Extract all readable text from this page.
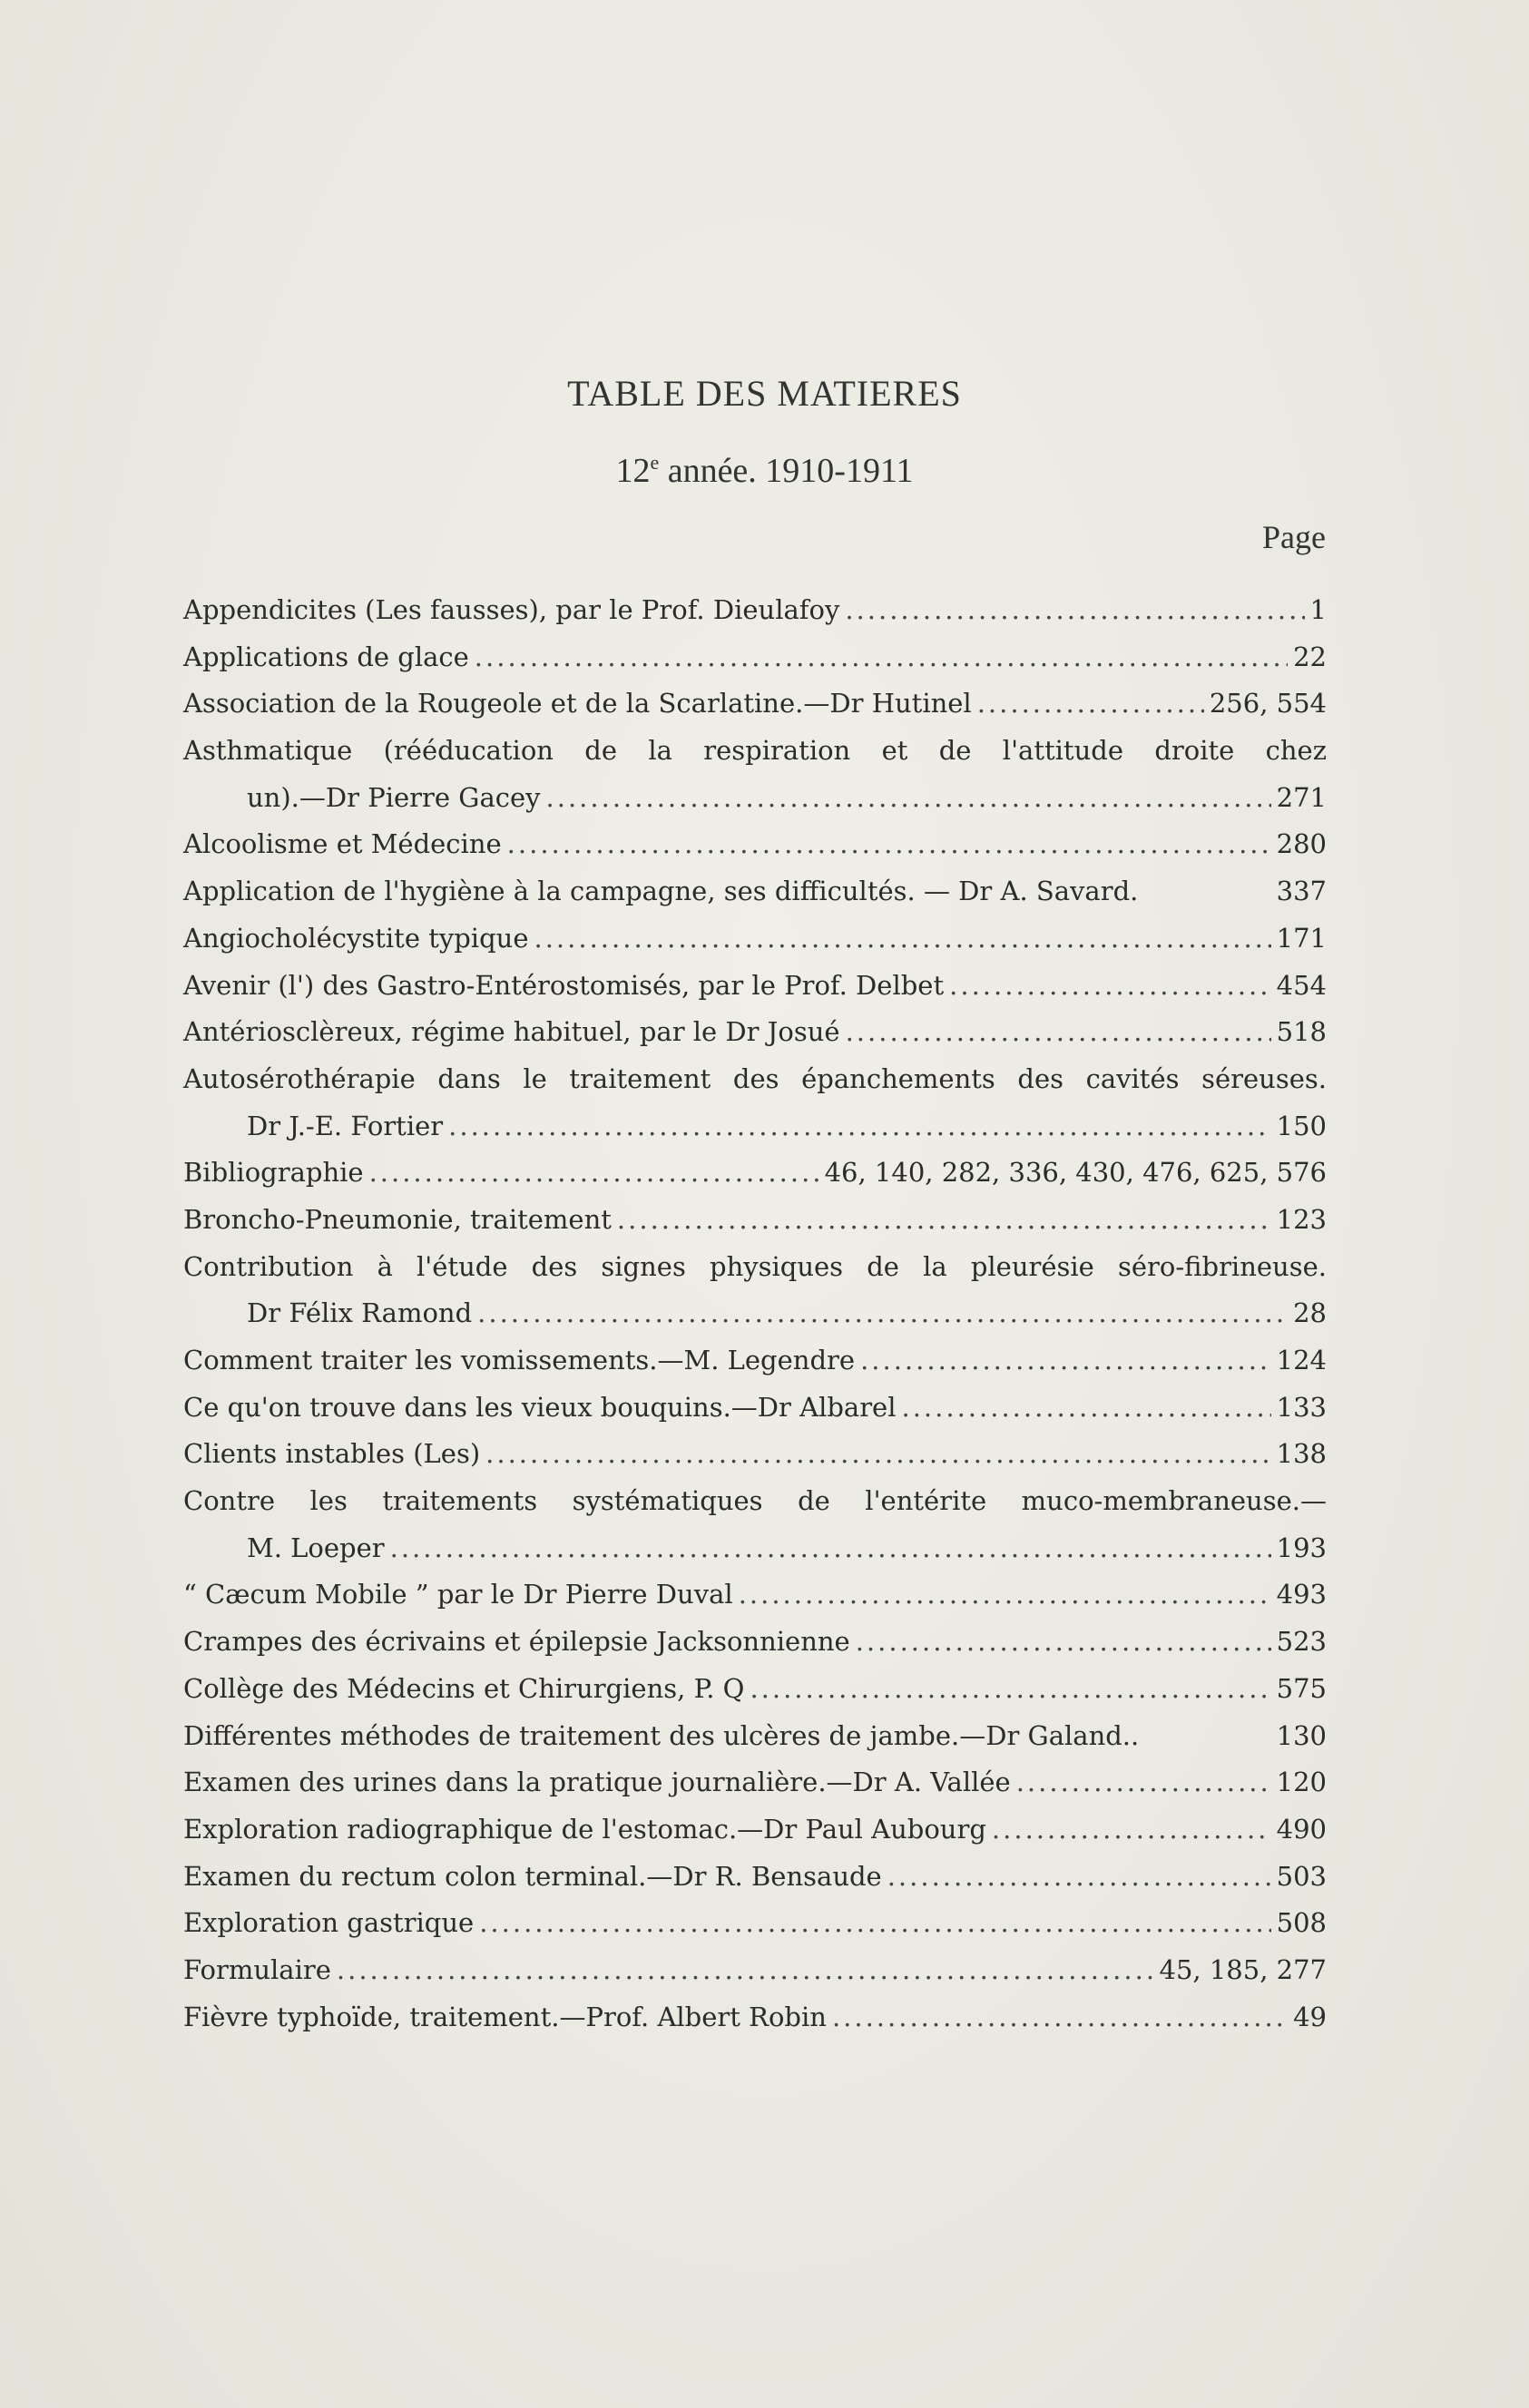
TABLE DES MATIERES
12e année. 1910-1911
Page
Appendicites (Les fausses), par le Prof. Dieulafoy .....	1
Applications de glace .....	22
Association de la Rougeole et de la Scarlatine.—Dr Hutinel .....	256, 554
Asthmatique (rééducation de la respiration et de l'attitude droite chez
un).—Dr Pierre Gacey .....	271
Alcoolisme et Médecine .....	280
Application de l'hygiène à la campagne, ses difficultés. — Dr A. Savard.	337
Angiocholécystite typique .....	171
Avenir (l') des Gastro-Entérostomisés, par le Prof. Delbet .....	454
Antériosclèreux, régime habituel, par le Dr Josué .....	518
Autosérothérapie dans le traitement des épanchements des cavités séreuses.
Dr J.-E. Fortier .....	150
Bibliographie .....	46, 140, 282, 336, 430, 476, 625, 576
Broncho-Pneumonie, traitement .....	123
Contribution à l'étude des signes physiques de la pleurésie séro-fibrineuse.
Dr Félix Ramond .....	28
Comment traiter les vomissements.—M. Legendre .....	124
Ce qu'on trouve dans les vieux bouquins.—Dr Albarel .....	133
Clients instables (Les) .....	138
Contre les traitements systématiques de l'entérite muco-membraneuse.—
M. Loeper .....	193
“ Cæcum Mobile ” par le Dr Pierre Duval .....	493
Crampes des écrivains et épilepsie Jacksonnienne .....	523
Collège des Médecins et Chirurgiens, P. Q .....	575
Différentes méthodes de traitement des ulcères de jambe.—Dr Galand..	130
Examen des urines dans la pratique journalière.—Dr A. Vallée .....	120
Exploration radiographique de l'estomac.—Dr Paul Aubourg .....	490
Examen du rectum colon terminal.—Dr R. Bensaude .....	503
Exploration gastrique .....	508
Formulaire .....	45, 185, 277
Fièvre typhoïde, traitement.—Prof. Albert Robin .....	49
